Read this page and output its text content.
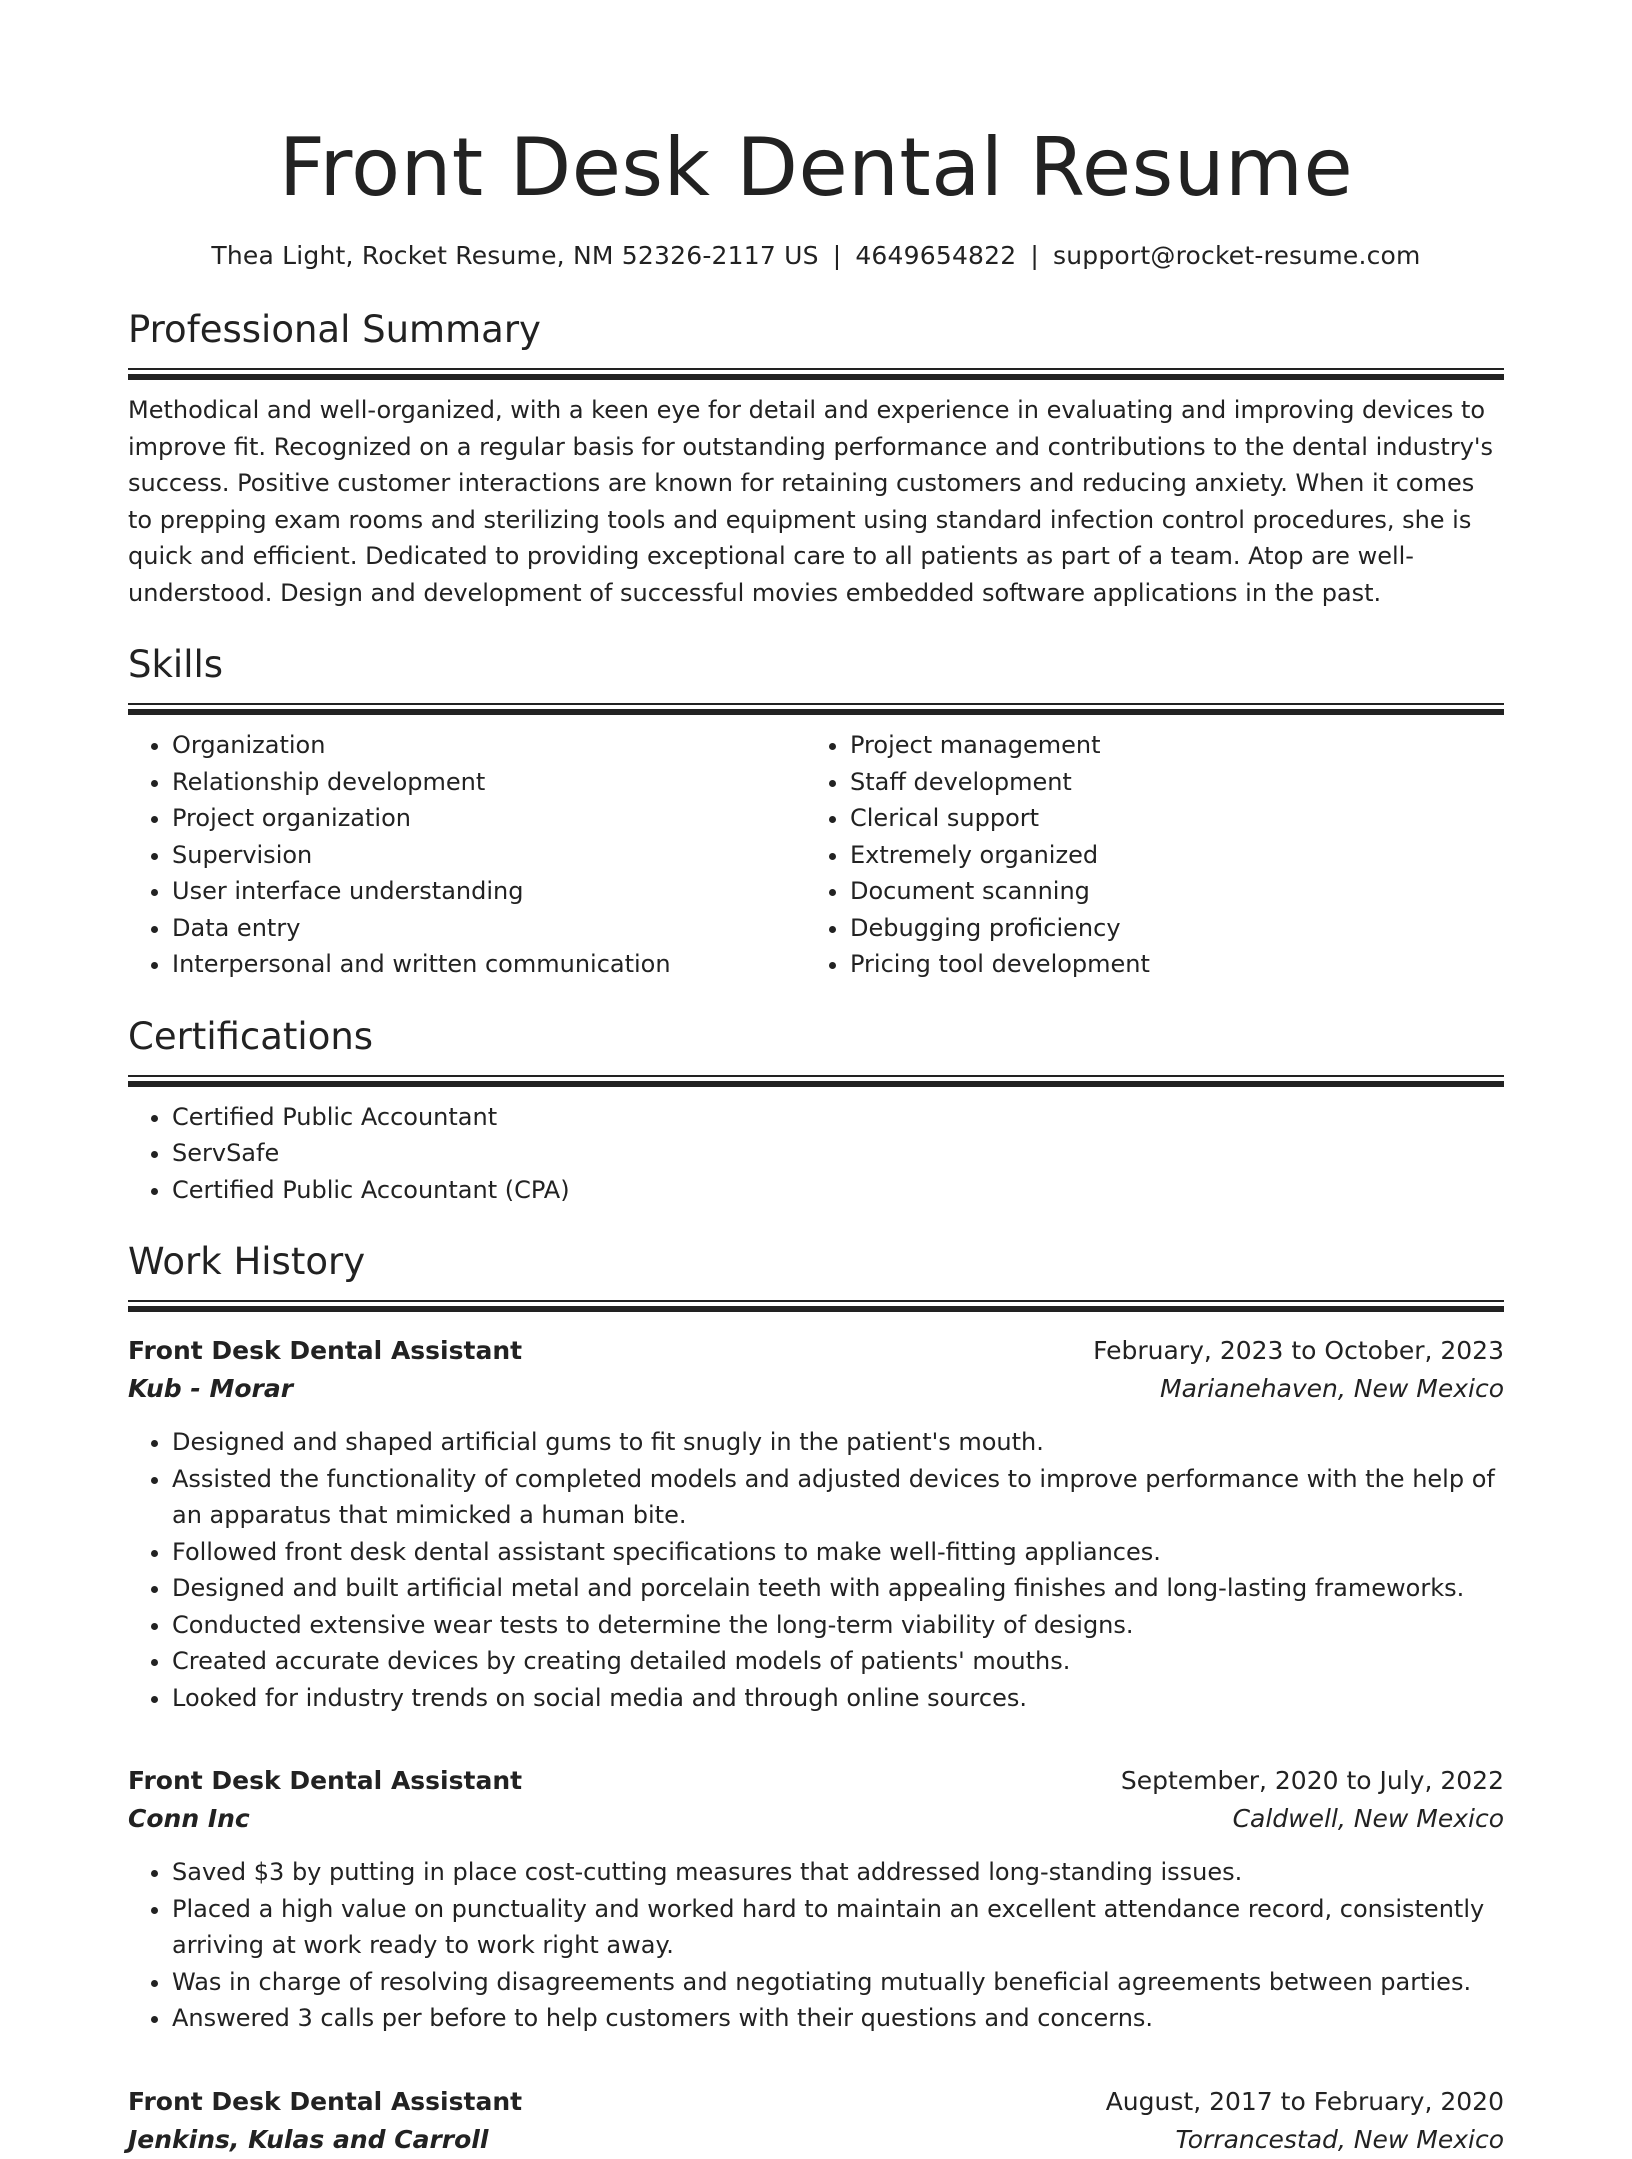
Front Desk Dental Resume
Thea Light, Rocket Resume, NM 52326-2117 US | 4649654822 | support@rocket-resume.com
Professional Summary
Methodical and well-organized, with a keen eye for detail and experience in evaluating and improving devices to improve fit. Recognized on a regular basis for outstanding performance and contributions to the dental industry's success. Positive customer interactions are known for retaining customers and reducing anxiety. When it comes to prepping exam rooms and sterilizing tools and equipment using standard infection control procedures, she is quick and efficient. Dedicated to providing exceptional care to all patients as part of a team. Atop are well-understood. Design and development of successful movies embedded software applications in the past.
Skills
• Organization
• Relationship development
• Project organization
• Supervision
• User interface understanding
• Data entry
• Interpersonal and written communication
• Project management
• Staff development
• Clerical support
• Extremely organized
• Document scanning
• Debugging proficiency
• Pricing tool development
Certifications
• Certified Public Accountant
• ServSafe
• Certified Public Accountant (CPA)
Work History
Front Desk Dental Assistant	February, 2023 to October, 2023
Kub - Morar	Marianehaven, New Mexico
• Designed and shaped artificial gums to fit snugly in the patient's mouth.
• Assisted the functionality of completed models and adjusted devices to improve performance with the help of an apparatus that mimicked a human bite.
• Followed front desk dental assistant specifications to make well-fitting appliances.
• Designed and built artificial metal and porcelain teeth with appealing finishes and long-lasting frameworks.
• Conducted extensive wear tests to determine the long-term viability of designs.
• Created accurate devices by creating detailed models of patients' mouths.
• Looked for industry trends on social media and through online sources.
Front Desk Dental Assistant	September, 2020 to July, 2022
Conn Inc	Caldwell, New Mexico
• Saved $3 by putting in place cost-cutting measures that addressed long-standing issues.
• Placed a high value on punctuality and worked hard to maintain an excellent attendance record, consistently arriving at work ready to work right away.
• Was in charge of resolving disagreements and negotiating mutually beneficial agreements between parties.
• Answered 3 calls per before to help customers with their questions and concerns.
Front Desk Dental Assistant	August, 2017 to February, 2020
Jenkins, Kulas and Carroll	Torrancestad, New Mexico
